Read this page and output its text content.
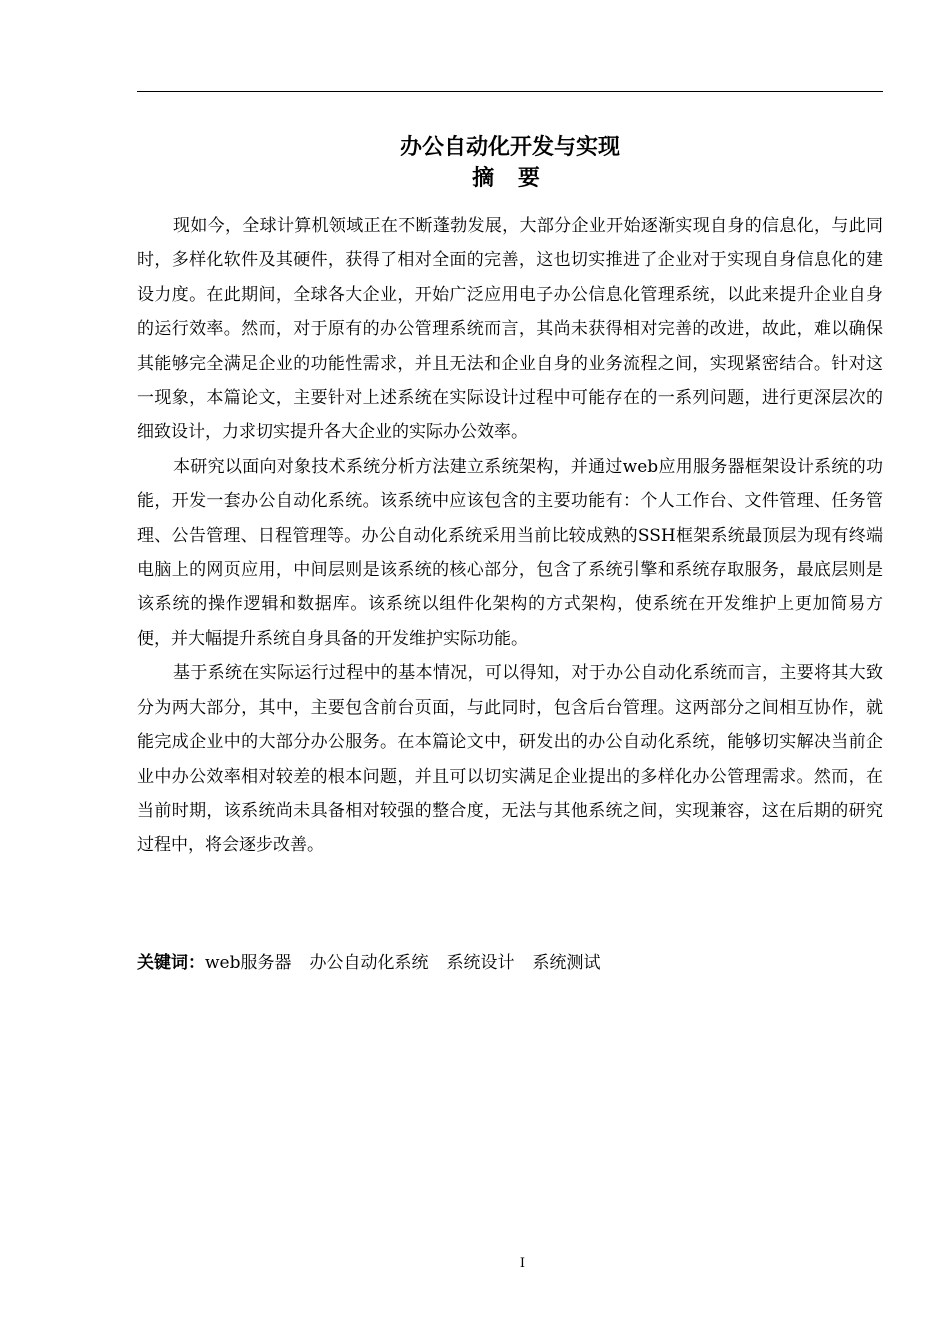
办公自动化开发与实现
摘 要

现如今，全球计算机领域正在不断蓬勃发展，大部分企业开始逐渐实现自身的信息化，与此同时，多样化软件及其硬件，获得了相对全面的完善，这也切实推进了企业对于实现自身信息化的建设力度。在此期间，全球各大企业，开始广泛应用电子办公信息化管理系统，以此来提升企业自身的运行效率。然而，对于原有的办公管理系统而言，其尚未获得相对完善的改进，故此，难以确保其能够完全满足企业的功能性需求，并且无法和企业自身的业务流程之间，实现紧密结合。针对这一现象，本篇论文，主要针对上述系统在实际设计过程中可能存在的一系列问题，进行更深层次的细致设计，力求切实提升各大企业的实际办公效率。

本研究以面向对象技术系统分析方法建立系统架构，并通过web应用服务器框架设计系统的功能，开发一套办公自动化系统。该系统中应该包含的主要功能有：个人工作台、文件管理、任务管理、公告管理、日程管理等。办公自动化系统采用当前比较成熟的SSH框架系统最顶层为现有终端电脑上的网页应用，中间层则是该系统的核心部分，包含了系统引擎和系统存取服务，最底层则是该系统的操作逻辑和数据库。该系统以组件化架构的方式架构，使系统在开发维护上更加简易方便，并大幅提升系统自身具备的开发维护实际功能。

基于系统在实际运行过程中的基本情况，可以得知，对于办公自动化系统而言，主要将其大致分为两大部分，其中，主要包含前台页面，与此同时，包含后台管理。这两部分之间相互协作，就能完成企业中的大部分办公服务。在本篇论文中，研发出的办公自动化系统，能够切实解决当前企业中办公效率相对较差的根本问题，并且可以切实满足企业提出的多样化办公管理需求。然而，在当前时期，该系统尚未具备相对较强的整合度，无法与其他系统之间，实现兼容，这在后期的研究过程中，将会逐步改善。

关键词：web服务器 办公自动化系统 系统设计 系统测试
I
